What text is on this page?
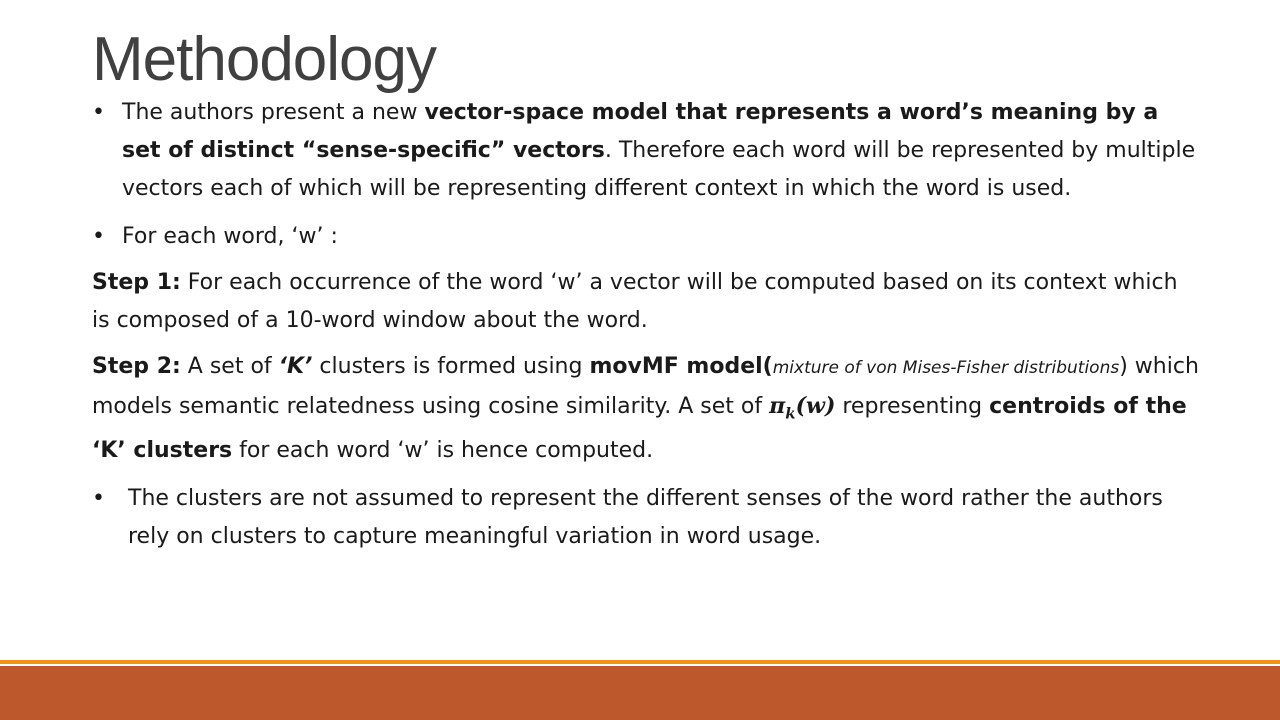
Methodology
• The authors present a new vector-space model that represents a word’s meaning by a set of distinct “sense-specific” vectors. Therefore each word will be represented by multiple vectors each of which will be representing different context in which the word is used.
• For each word, ‘w’ :
Step 1: For each occurrence of the word ‘w’ a vector will be computed based on its context which is composed of a 10-word window about the word.
Step 2: A set of ‘K’ clusters is formed using movMF model(mixture of von Mises-Fisher distributions) which models semantic relatedness using cosine similarity. A set of $\pi_k(w)$ representing centroids of the ‘K’ clusters for each word ‘w’ is hence computed.
• The clusters are not assumed to represent the different senses of the word rather the authors rely on clusters to capture meaningful variation in word usage.
